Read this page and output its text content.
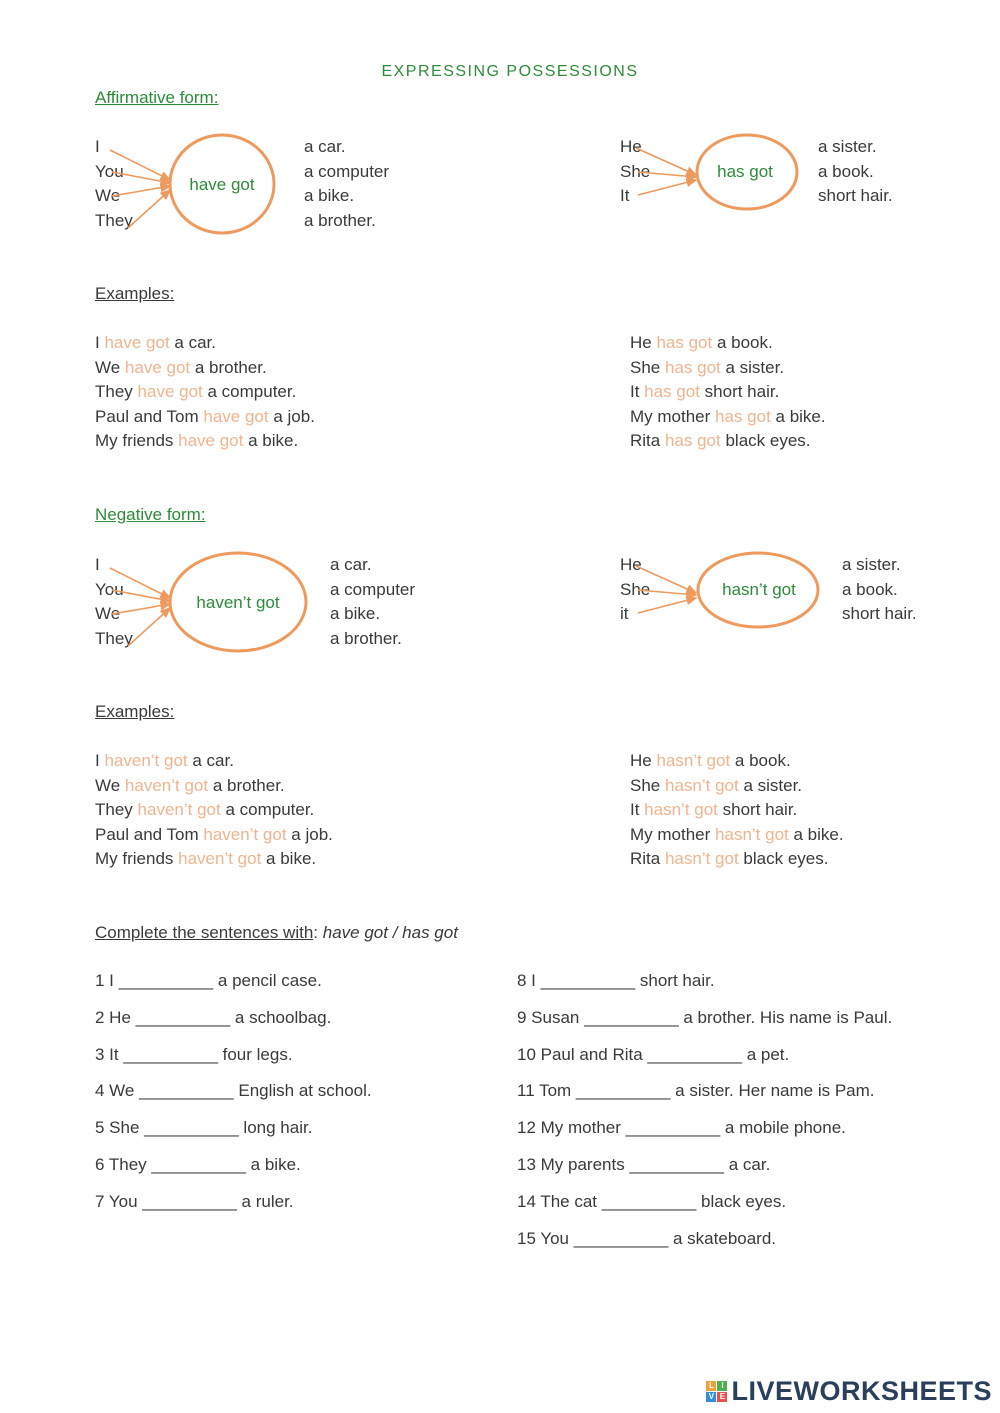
EXPRESSING POSSESSIONS
Affirmative form:
I
You
We
They
have got
a car.
a computer
a bike.
a brother.
He
She
It
has got
a sister.
a book.
short hair.
Examples:
I have got a car.
We have got a brother.
They have got a computer.
Paul and Tom have got a job.
My friends have got a bike.
He has got a book.
She has got a sister.
It has got short hair.
My mother has got a bike.
Rita has got black eyes.
Negative form:
I
You
We
They
haven’t got
a car.
a computer
a bike.
a brother.
He
She
it
hasn’t got
a sister.
a book.
short hair.
Examples:
I haven’t got a car.
We haven’t got a brother.
They haven’t got a computer.
Paul and Tom haven’t got a job.
My friends haven’t got a bike.
He hasn’t got a book.
She hasn’t got a sister.
It hasn’t got short hair.
My mother hasn’t got a bike.
Rita hasn’t got black eyes.
Complete the sentences with: have got / has got
1 I __________ a pencil case.
2 He __________ a schoolbag.
3 It __________ four legs.
4 We __________ English at school.
5 She __________ long hair.
6 They __________ a bike.
7 You __________ a ruler.
8 I __________ short hair.
9 Susan __________ a brother. His name is Paul.
10 Paul and Rita __________ a pet.
11 Tom __________ a sister. Her name is Pam.
12 My mother __________ a mobile phone.
13 My parents __________ a car.
14 The cat __________ black eyes.
15 You __________ a skateboard.
L I
V E LIVEWORKSHEETS
